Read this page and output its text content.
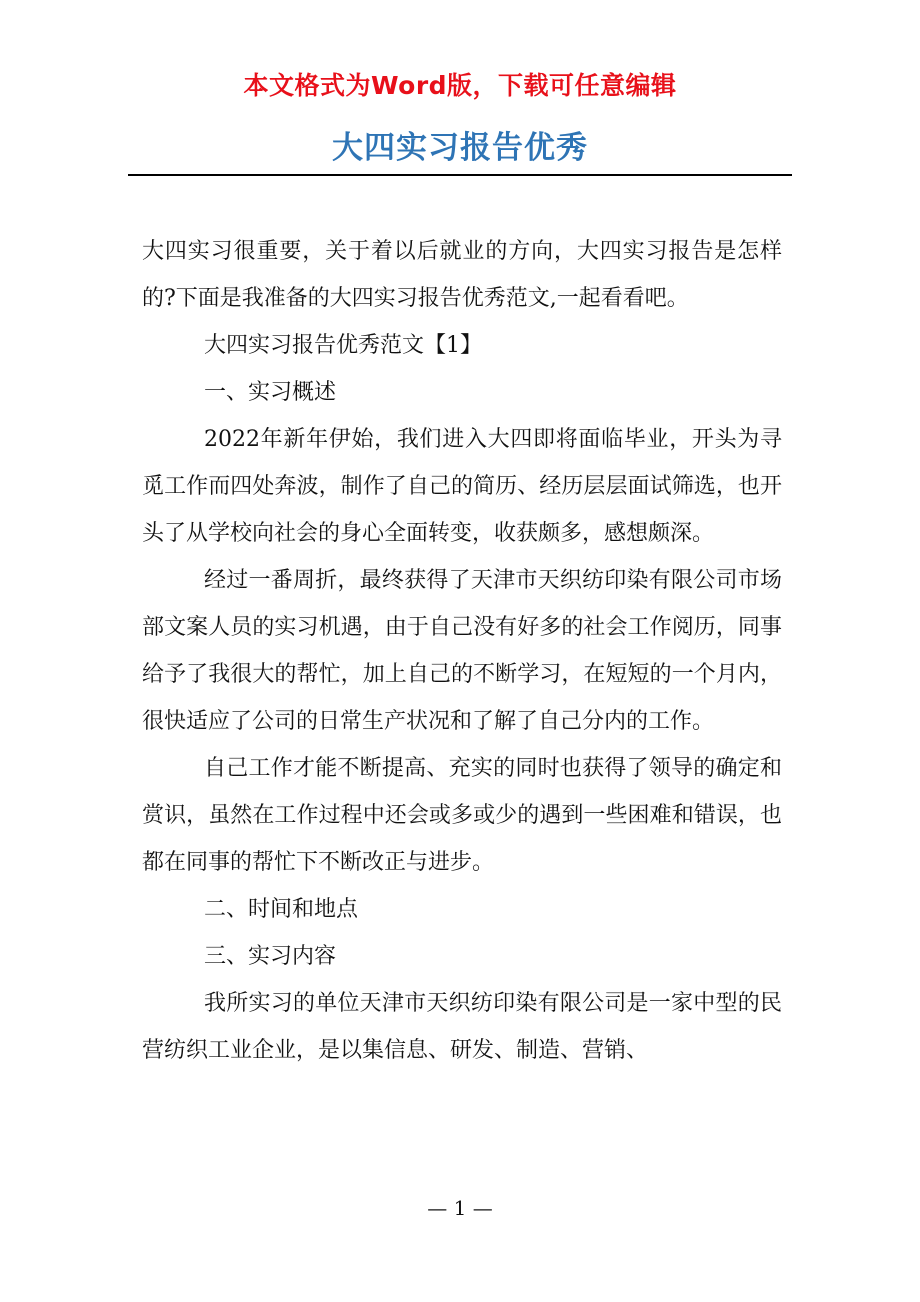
本文格式为Word版，下载可任意编辑
大四实习报告优秀

大四实习很重要，关于着以后就业的方向，大四实习报告是怎样的?下面是我准备的大四实习报告优秀范文,一起看看吧。

大四实习报告优秀范文【1】

一、实习概述

2022年新年伊始，我们进入大四即将面临毕业，开头为寻觅工作而四处奔波，制作了自己的简历、经历层层面试筛选，也开头了从学校向社会的身心全面转变，收获颇多，感想颇深。

经过一番周折，最终获得了天津市天织纺印染有限公司市场部文案人员的实习机遇，由于自己没有好多的社会工作阅历，同事给予了我很大的帮忙，加上自己的不断学习，在短短的一个月内，很快适应了公司的日常生产状况和了解了自己分内的工作。

自己工作才能不断提高、充实的同时也获得了领导的确定和赏识，虽然在工作过程中还会或多或少的遇到一些困难和错误，也都在同事的帮忙下不断改正与进步。

二、时间和地点

三、实习内容

我所实习的单位天津市天织纺印染有限公司是一家中型的民营纺织工业企业，是以集信息、研发、制造、营销、

— 1 —
